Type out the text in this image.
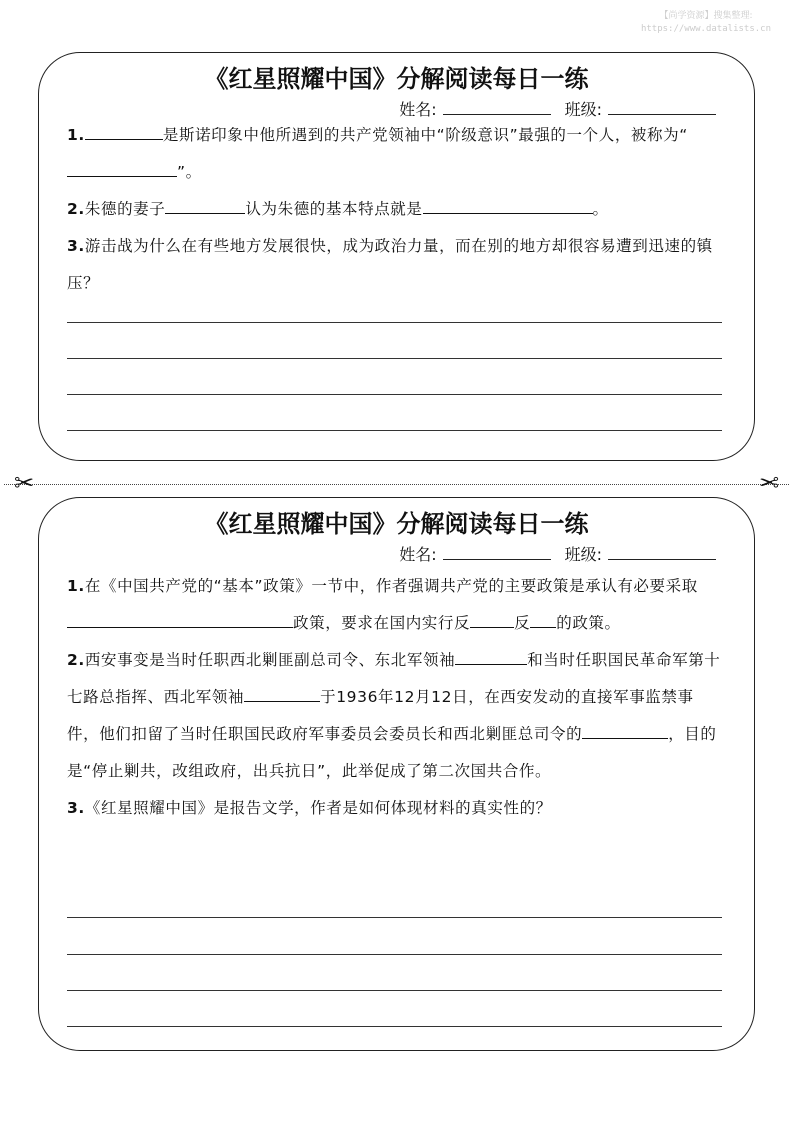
【尚学资源】搜集整理:
https://www.datalists.cn
《红星照耀中国》分解阅读每日一练
姓名:	班级:

1.	是斯诺印象中他所遇到的共产党领袖中“阶级意识”最强的一个人，被称为“”。

2.朱德的妻子	认为朱德的基本特点就是	。

3.游击战为什么在有些地方发展很快，成为政治力量，而在别的地方却很容易遭到迅速的镇压？

✂	✂
《红星照耀中国》分解阅读每日一练
姓名:	班级:

1.在《中国共产党的“基本”政策》一节中，作者强调共产党的主要政策是承认有必要采取政策，要求在国内实行反	反 的政策。

2.西安事变是当时任职西北剿匪副总司令、东北军领袖	和当时任职国民革命军第十七路总指挥、西北军领袖	于1936年12月12日，在西安发动的直接军事监禁事件，他们扣留了当时任职国民政府军事委员会委员长和西北剿匪总司令的	，目的是“停止剿共，改组政府，出兵抗日”，此举促成了第二次国共合作。

3.《红星照耀中国》是报告文学，作者是如何体现材料的真实性的？
